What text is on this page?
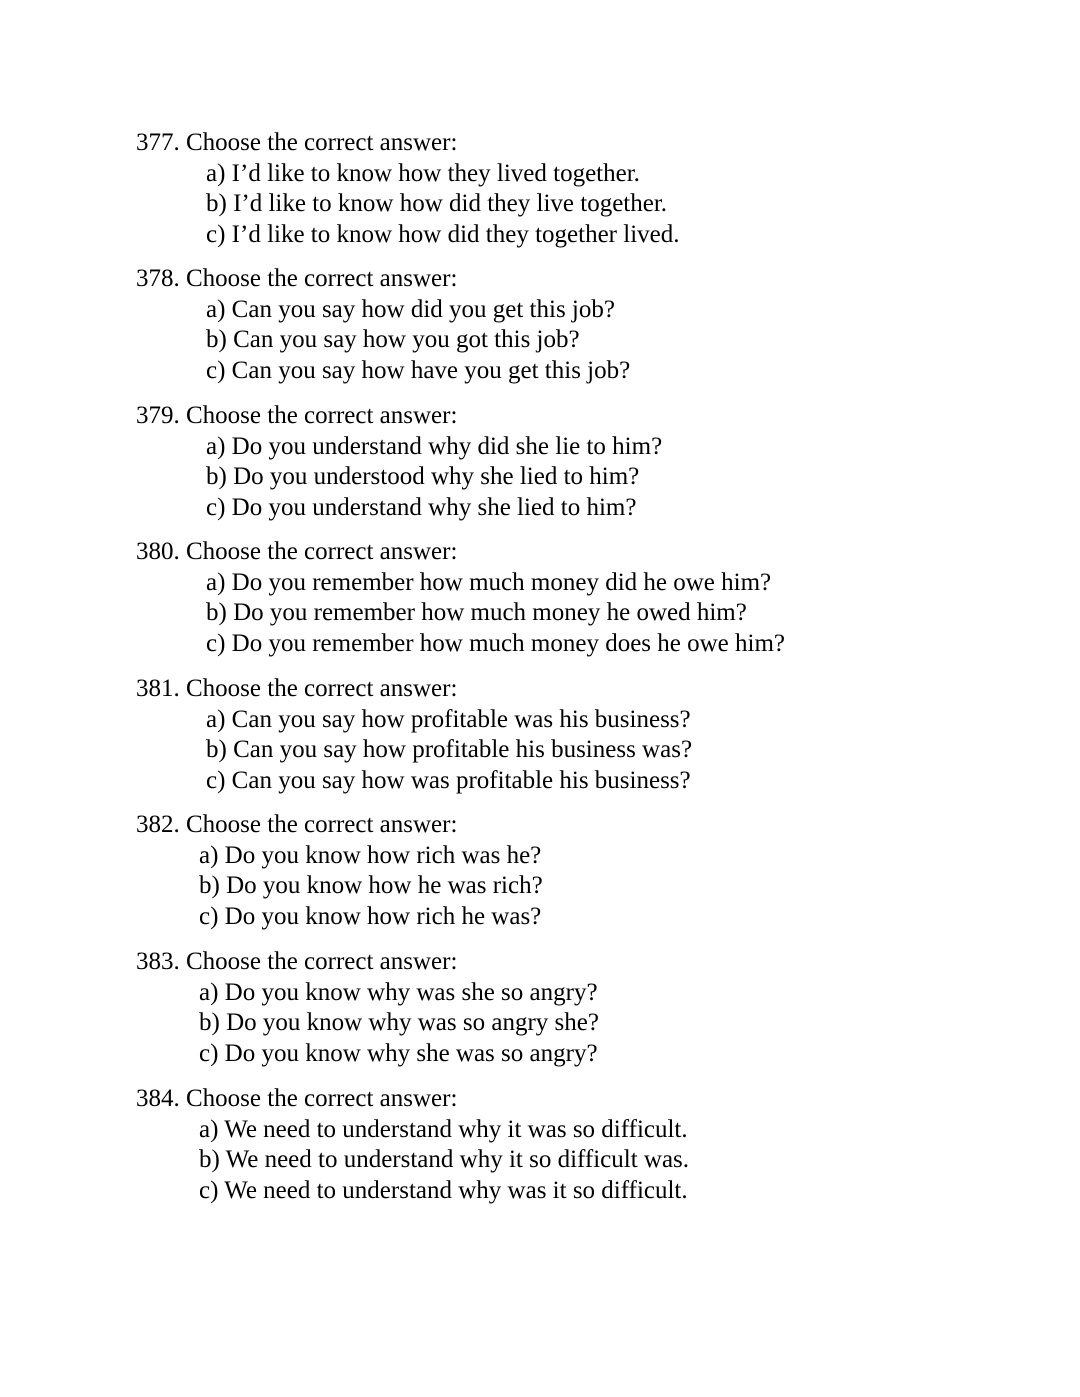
377. Choose the correct answer:
a) I’d like to know how they lived together.
b) I’d like to know how did they live together.
c) I’d like to know how did they together lived.
378. Choose the correct answer:
a) Can you say how did you get this job?
b) Can you say how you got this job?
c) Can you say how have you get this job?
379. Choose the correct answer:
a) Do you understand why did she lie to him?
b) Do you understood why she lied to him?
c) Do you understand why she lied to him?
380. Choose the correct answer:
a) Do you remember how much money did he owe him?
b) Do you remember how much money he owed him?
c) Do you remember how much money does he owe him?
381. Choose the correct answer:
a) Can you say how profitable was his business?
b) Can you say how profitable his business was?
c) Can you say how was profitable his business?
382. Choose the correct answer:
a) Do you know how rich was he?
b) Do you know how he was rich?
c) Do you know how rich he was?
383. Choose the correct answer:
a) Do you know why was she so angry?
b) Do you know why was so angry she?
c) Do you know why she was so angry?
384. Choose the correct answer:
a) We need to understand why it was so difficult.
b) We need to understand why it so difficult was.
c) We need to understand why was it so difficult.
